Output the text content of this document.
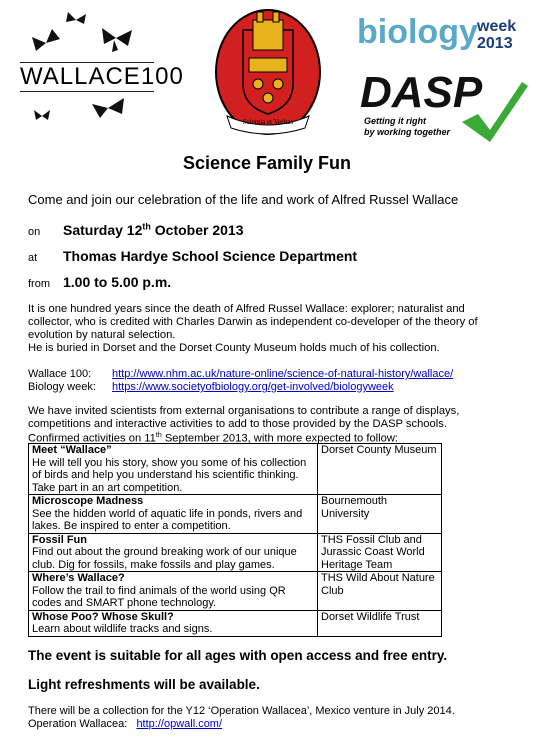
WALLACE100
Scientia et Veritas
biology week
2013
DASP
Getting it right
by working together
Science Family Fun
Come and join our celebration of the life and work of Alfred Russel Wallace
on Saturday 12th October 2013
at Thomas Hardye School Science Department
from 1.00 to 5.00 p.m.
It is one hundred years since the death of Alfred Russel Wallace: explorer; naturalist and collector, who is credited with Charles Darwin as independent co-developer of the theory of evolution by natural selection.
He is buried in Dorset and the Dorset County Museum holds much of his collection.
Wallace 100: http://www.nhm.ac.uk/nature-online/science-of-natural-history/wallace/
Biology week: https://www.societyofbiology.org/get-involved/biologyweek
We have invited scientists from external organisations to contribute a range of displays, competitions and interactive activities to add to those provided by the DASP schools.
Confirmed activities on 11th September 2013, with more expected to follow:
Meet “Wallace”
He will tell you his story, show you some of his collection of birds and help you understand his scientific thinking. Take part in an art competition.	Dorset County Museum

Microscope Madness
See the hidden world of aquatic life in ponds, rivers and lakes. Be inspired to enter a competition.	Bournemouth University

Fossil Fun
Find out about the ground breaking work of our unique club. Dig for fossils, make fossils and play games.	THS Fossil Club and Jurassic Coast World Heritage Team

Where’s Wallace?
Follow the trail to find animals of the world using QR codes and SMART phone technology.	THS Wild About Nature Club

Whose Poo? Whose Skull?
Learn about wildlife tracks and signs.	Dorset Wildlife Trust
The event is suitable for all ages with open access and free entry.
Light refreshments will be available.
There will be a collection for the Y12 ‘Operation Wallacea’, Mexico venture in July 2014.
Operation Wallacea: http://opwall.com/
